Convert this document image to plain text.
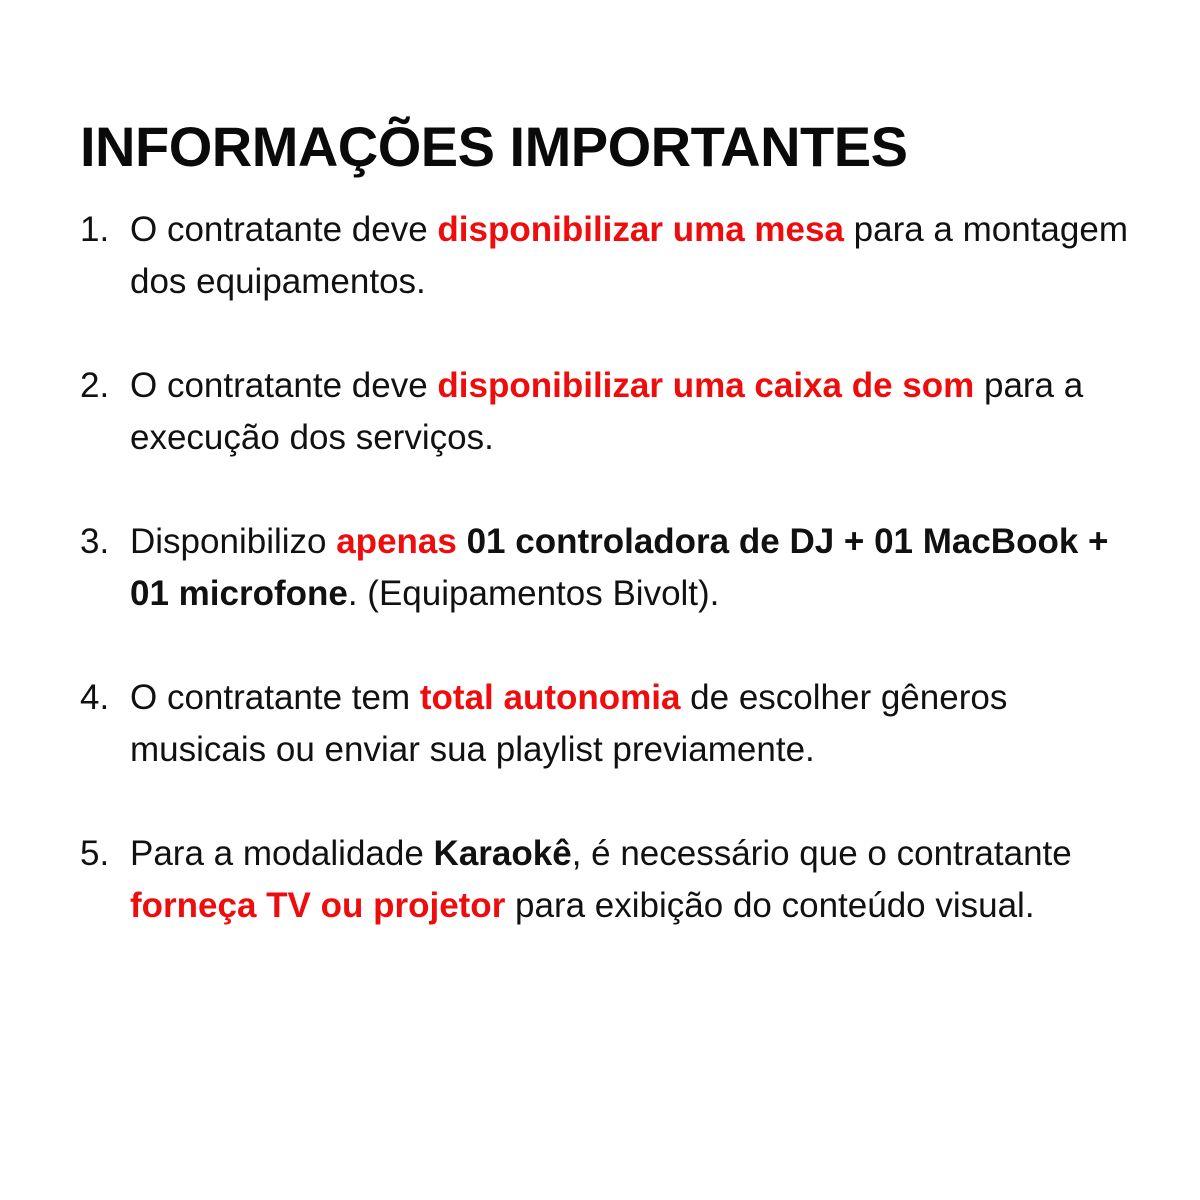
INFORMAÇÕES IMPORTANTES
1. O contratante deve disponibilizar uma mesa para a montagem dos equipamentos.
2. O contratante deve disponibilizar uma caixa de som para a execução dos serviços.
3. Disponibilizo apenas 01 controladora de DJ + 01 MacBook + 01 microfone. (Equipamentos Bivolt).
4. O contratante tem total autonomia de escolher gêneros musicais ou enviar sua playlist previamente.
5. Para a modalidade Karaokê, é necessário que o contratante forneça TV ou projetor para exibição do conteúdo visual.
